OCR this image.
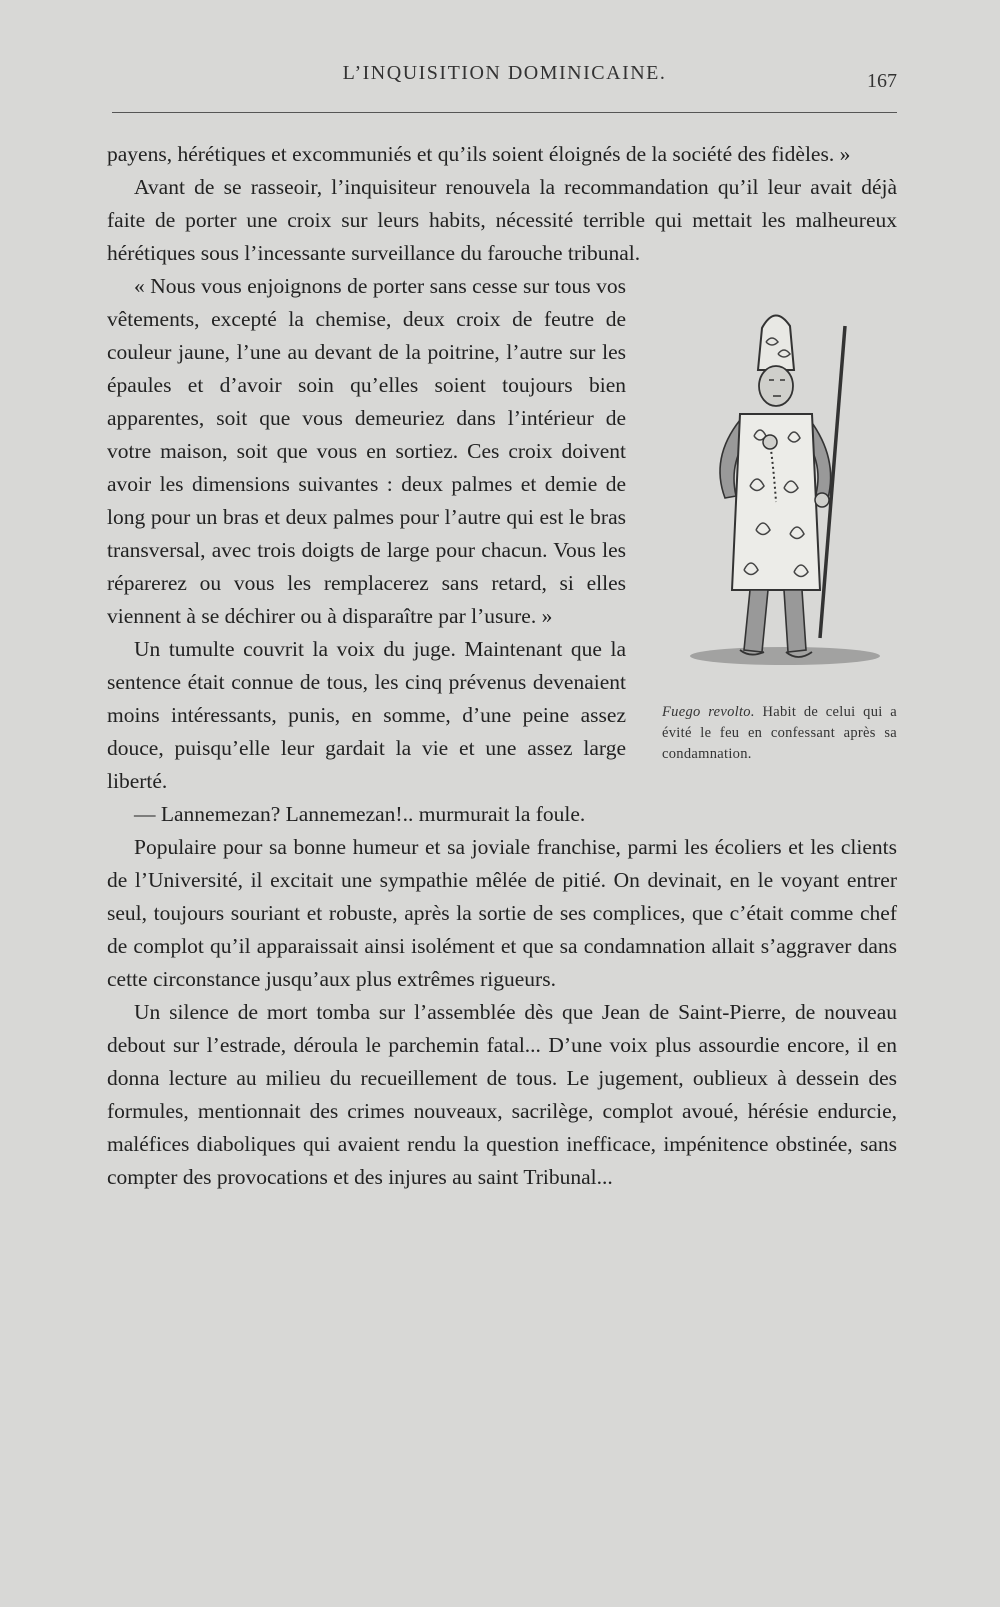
L’INQUISITION DOMINICAINE.	167

payens, hérétiques et excommuniés et qu’ils soient éloignés de la société des fidèles. »

Avant de se rasseoir, l’inquisiteur renouvela la recommandation qu’il leur avait déjà faite de porter une croix sur leurs habits, nécessité terrible qui mettait les malheureux hérétiques sous l’incessante surveillance du farouche tribunal.

Fuego revolto. Habit de celui qui a évité le feu en confessant après sa condamnation.

« Nous vous enjoignons de porter sans cesse sur tous vos vêtements, excepté la chemise, deux croix de feutre de couleur jaune, l’une au devant de la poitrine, l’autre sur les épaules et d’avoir soin qu’elles soient toujours bien apparentes, soit que vous demeuriez dans l’intérieur de votre maison, soit que vous en sortiez. Ces croix doivent avoir les dimensions suivantes : deux palmes et demie de long pour un bras et deux palmes pour l’autre qui est le bras transversal, avec trois doigts de large pour chacun. Vous les réparerez ou vous les remplacerez sans retard, si elles viennent à se déchirer ou à disparaître par l’usure. »

Un tumulte couvrit la voix du juge. Maintenant que la sentence était connue de tous, les cinq prévenus devenaient moins intéressants, punis, en somme, d’une peine assez douce, puisqu’elle leur gardait la vie et une assez large liberté.

— Lannemezan? Lannemezan!.. murmurait la foule.

Populaire pour sa bonne humeur et sa joviale franchise, parmi les écoliers et les clients de l’Université, il excitait une sympathie mêlée de pitié. On devinait, en le voyant entrer seul, toujours souriant et robuste, après la sortie de ses complices, que c’était comme chef de complot qu’il apparaissait ainsi isolément et que sa condamnation allait s’aggraver dans cette circonstance jusqu’aux plus extrêmes rigueurs.

Un silence de mort tomba sur l’assemblée dès que Jean de Saint-Pierre, de nouveau debout sur l’estrade, déroula le parchemin fatal... D’une voix plus assourdie encore, il en donna lecture au milieu du recueillement de tous. Le jugement, oublieux à dessein des formules, mentionnait des crimes nouveaux, sacrilège, complot avoué, hérésie endurcie, maléfices diaboliques qui avaient rendu la question inefficace, impénitence obstinée, sans compter des provocations et des injures au saint Tribunal...
